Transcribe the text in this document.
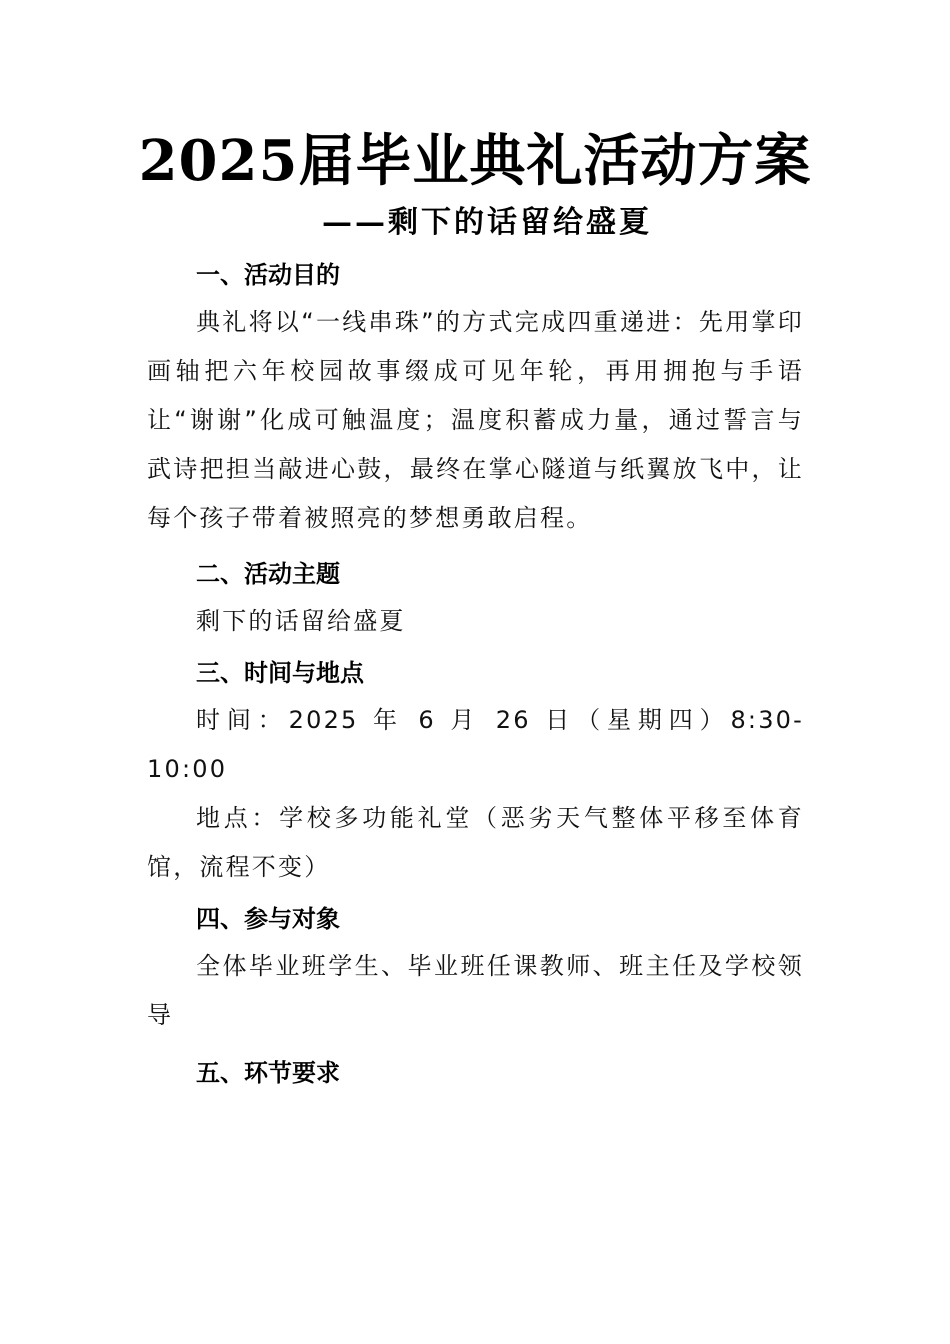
2025届毕业典礼活动方案
——剩下的话留给盛夏
一、活动目的

典礼将以“一线串珠”的方式完成四重递进：先用掌印画轴把六年校园故事缀成可见年轮，再用拥抱与手语让“谢谢”化成可触温度；温度积蓄成力量，通过誓言与武诗把担当敲进心鼓，最终在掌心隧道与纸翼放飞中，让每个孩子带着被照亮的梦想勇敢启程。

二、活动主题

剩下的话留给盛夏

三、时间与地点

时间：2025 年 6 月 26 日（星期四）8:30-10:00

地点：学校多功能礼堂（恶劣天气整体平移至体育馆，流程不变）

四、参与对象

全体毕业班学生、毕业班任课教师、班主任及学校领导

五、环节要求
